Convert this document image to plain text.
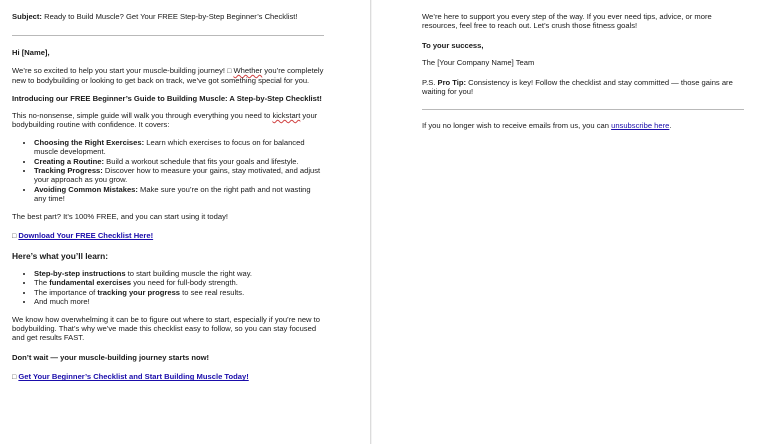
Subject: Ready to Build Muscle? Get Your FREE Step-by-Step Beginner’s Checklist!

Hi [Name],

We’re so excited to help you start your muscle-building journey! □ Whether you’re completely new to bodybuilding or looking to get back on track, we’ve got something special for you.

Introducing our FREE Beginner’s Guide to Building Muscle: A Step-by-Step Checklist!

This no-nonsense, simple guide will walk you through everything you need to kickstart your bodybuilding routine with confidence. It covers:

• Choosing the Right Exercises: Learn which exercises to focus on for balanced muscle development.
• Creating a Routine: Build a workout schedule that fits your goals and lifestyle.
• Tracking Progress: Discover how to measure your gains, stay motivated, and adjust your approach as you grow.
• Avoiding Common Mistakes: Make sure you’re on the right path and not wasting any time!

The best part? It’s 100% FREE, and you can start using it today!

□ Download Your FREE Checklist Here!

Here’s what you’ll learn:
• Step-by-step instructions to start building muscle the right way.
• The fundamental exercises you need for full-body strength.
• The importance of tracking your progress to see real results.
• And much more!

We know how overwhelming it can be to figure out where to start, especially if you’re new to bodybuilding. That’s why we’ve made this checklist easy to follow, so you can stay focused and get results FAST.

Don’t wait — your muscle-building journey starts now!

□ Get Your Beginner’s Checklist and Start Building Muscle Today!

We’re here to support you every step of the way. If you ever need tips, advice, or more resources, feel free to reach out. Let’s crush those fitness goals!

To your success,

The [Your Company Name] Team

P.S. Pro Tip: Consistency is key! Follow the checklist and stay committed — those gains are waiting for you!

If you no longer wish to receive emails from us, you can unsubscribe here.
